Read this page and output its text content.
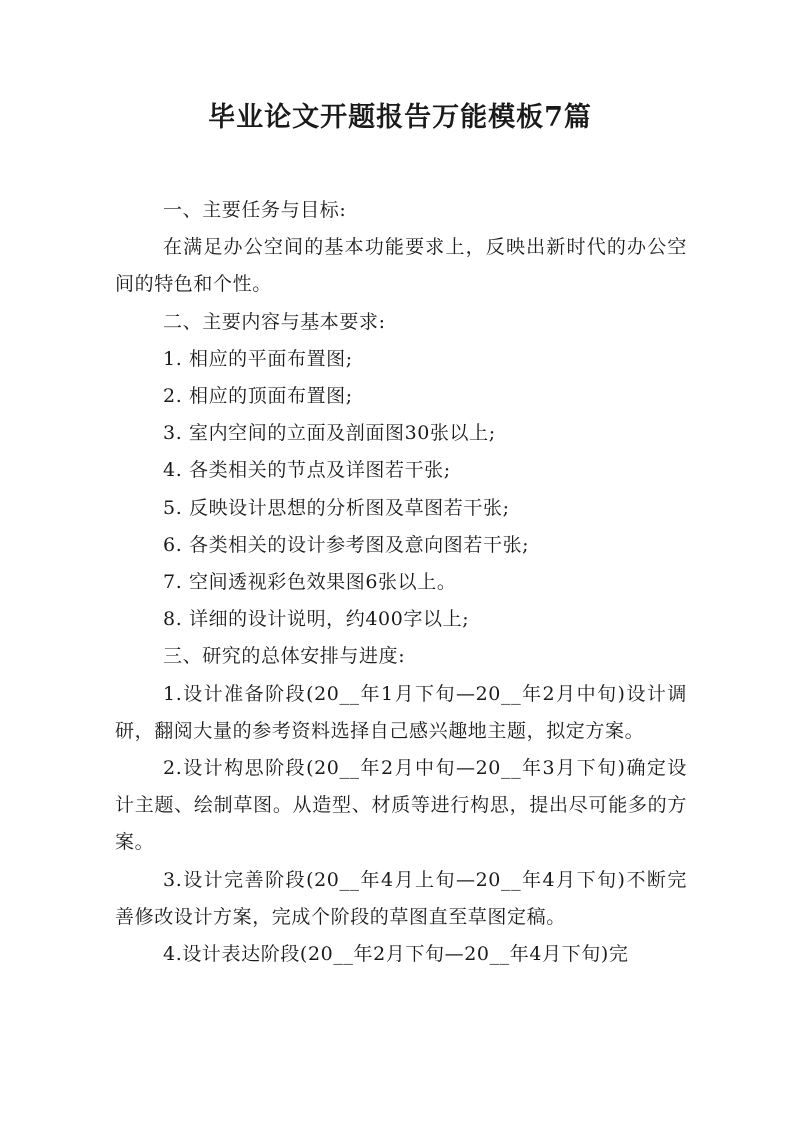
毕业论文开题报告万能模板7篇

一、主要任务与目标:

在满足办公空间的基本功能要求上，反映出新时代的办公空间的特色和个性。

二、主要内容与基本要求:

1. 相应的平面布置图;

2. 相应的顶面布置图;

3. 室内空间的立面及剖面图30张以上;

4. 各类相关的节点及详图若干张;

5. 反映设计思想的分析图及草图若干张;

6. 各类相关的设计参考图及意向图若干张;

7. 空间透视彩色效果图6张以上。

8. 详细的设计说明，约400字以上;

三、研究的总体安排与进度:

1.设计准备阶段(20__年1月下旬—20__年2月中旬)设计调研，翻阅大量的参考资料选择自己感兴趣地主题，拟定方案。

2.设计构思阶段(20__年2月中旬—20__年3月下旬)确定设计主题、绘制草图。从造型、材质等进行构思，提出尽可能多的方案。

3.设计完善阶段(20__年4月上旬—20__年4月下旬)不断完善修改设计方案，完成个阶段的草图直至草图定稿。

4.设计表达阶段(20__年2月下旬—20__年4月下旬)完
